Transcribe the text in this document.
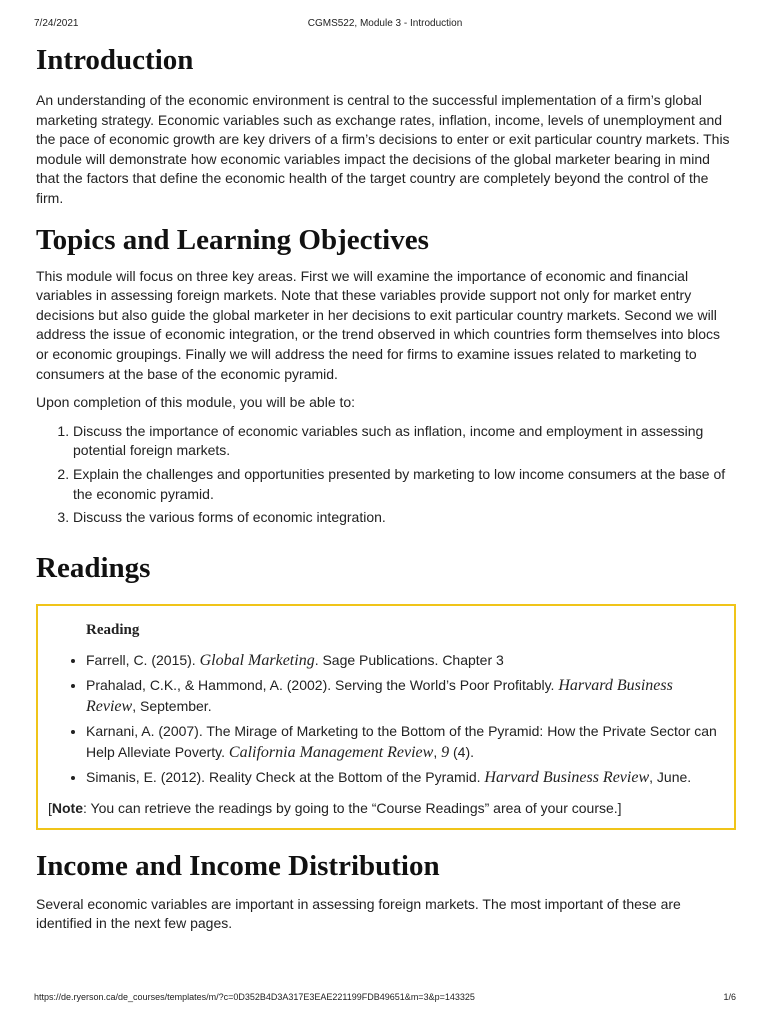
7/24/2021	CGMS522, Module 3 - Introduction
Introduction

An understanding of the economic environment is central to the successful implementation of a firm’s global marketing strategy. Economic variables such as exchange rates, inflation, income, levels of unemployment and the pace of economic growth are key drivers of a firm’s decisions to enter or exit particular country markets. This module will demonstrate how economic variables impact the decisions of the global marketer bearing in mind that the factors that define the economic health of the target country are completely beyond the control of the firm.

Topics and Learning Objectives

This module will focus on three key areas. First we will examine the importance of economic and financial variables in assessing foreign markets. Note that these variables provide support not only for market entry decisions but also guide the global marketer in her decisions to exit particular country markets. Second we will address the issue of economic integration, or the trend observed in which countries form themselves into blocs or economic groupings. Finally we will address the need for firms to examine issues related to marketing to consumers at the base of the economic pyramid.

Upon completion of this module, you will be able to:

1. Discuss the importance of economic variables such as inflation, income and employment in assessing potential foreign markets.
2. Explain the challenges and opportunities presented by marketing to low income consumers at the base of the economic pyramid.
3. Discuss the various forms of economic integration.
Readings
Reading
• Farrell, C. (2015). Global Marketing. Sage Publications. Chapter 3
• Prahalad, C.K., & Hammond, A. (2002). Serving the World’s Poor Profitably. Harvard Business Review, September.
• Karnani, A. (2007). The Mirage of Marketing to the Bottom of the Pyramid: How the Private Sector can Help Alleviate Poverty. California Management Review, 9 (4).
• Simanis, E. (2012). Reality Check at the Bottom of the Pyramid. Harvard Business Review, June.
[Note: You can retrieve the readings by going to the “Course Readings” area of your course.]
Income and Income Distribution

Several economic variables are important in assessing foreign markets. The most important of these are identified in the next few pages.

https://de.ryerson.ca/de_courses/templates/m/?c=0D352B4D3A317E3EAE221199FDB49651&m=3&p=143325	1/6
